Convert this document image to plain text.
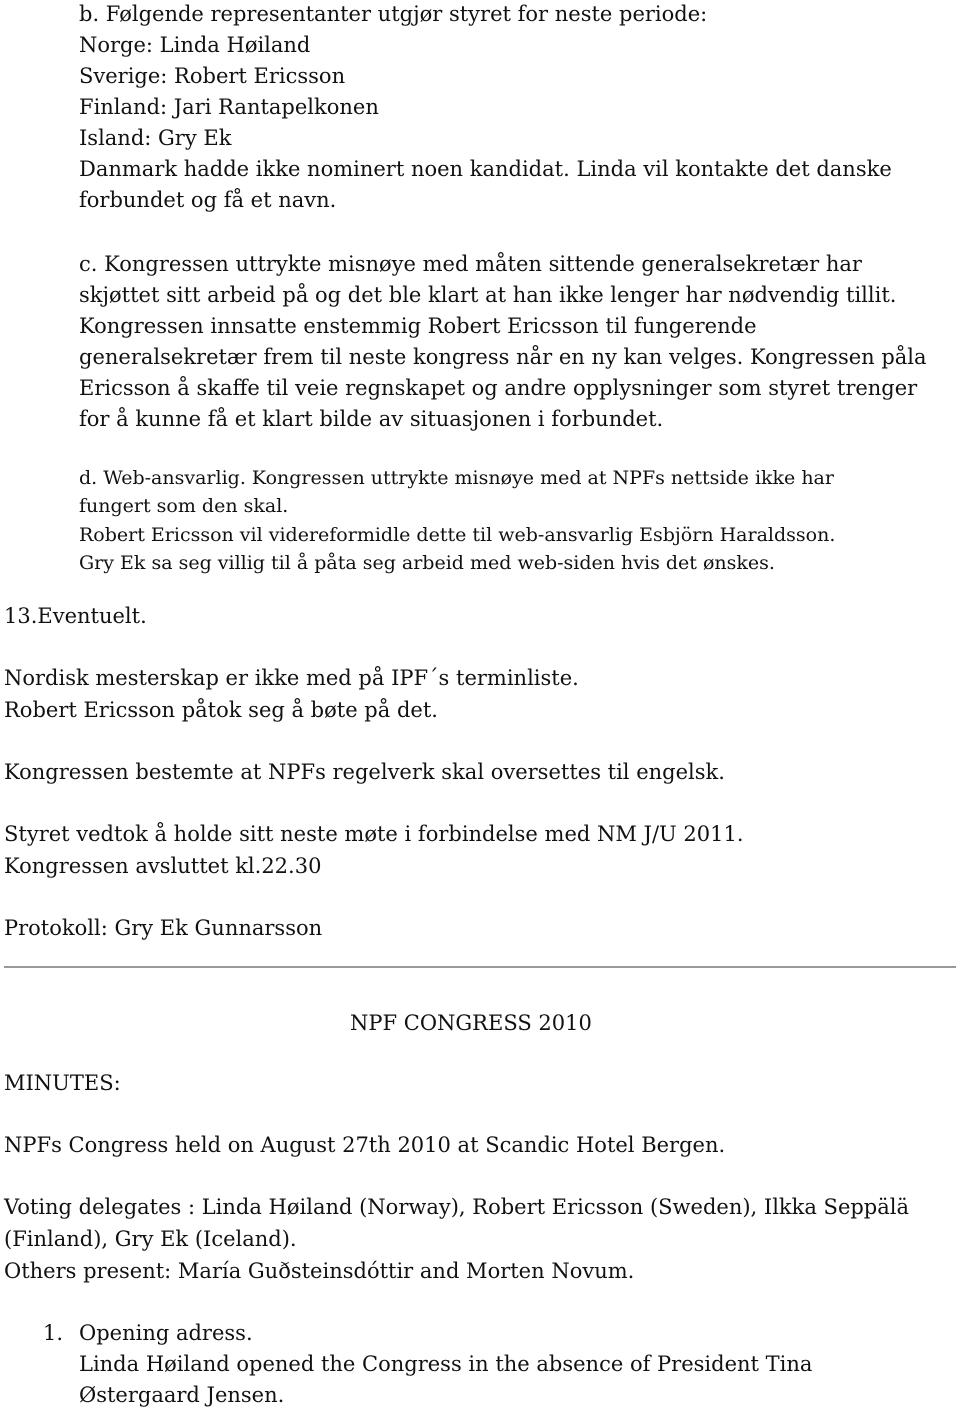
b. Følgende representanter utgjør styret for neste periode:
Norge: Linda Høiland
Sverige: Robert Ericsson
Finland: Jari Rantapelkonen
Island: Gry Ek
Danmark hadde ikke nominert noen kandidat. Linda vil kontakte det danske
forbundet og få et navn.
c. Kongressen uttrykte misnøye med måten sittende generalsekretær har
skjøttet sitt arbeid på og det ble klart at han ikke lenger har nødvendig tillit.
Kongressen innsatte enstemmig Robert Ericsson til fungerende
generalsekretær frem til neste kongress når en ny kan velges. Kongressen påla
Ericsson å skaffe til veie regnskapet og andre opplysninger som styret trenger
for å kunne få et klart bilde av situasjonen i forbundet.
d. Web-ansvarlig. Kongressen uttrykte misnøye med at NPFs nettside ikke har
fungert som den skal.
Robert Ericsson vil videreformidle dette til web-ansvarlig Esbjörn Haraldsson.
Gry Ek sa seg villig til å påta seg arbeid med web-siden hvis det ønskes.
13.Eventuelt.
Nordisk mesterskap er ikke med på IPF´s terminliste.
Robert Ericsson påtok seg å bøte på det.
Kongressen bestemte at NPFs regelverk skal oversettes til engelsk.
Styret vedtok å holde sitt neste møte i forbindelse med NM J/U 2011.
Kongressen avsluttet kl.22.30
Protokoll: Gry Ek Gunnarsson
NPF CONGRESS 2010
MINUTES:
NPFs Congress held on August 27th 2010 at Scandic Hotel Bergen.
Voting delegates : Linda Høiland (Norway), Robert Ericsson (Sweden), Ilkka Seppälä
(Finland), Gry Ek (Iceland).
Others present: María Guðsteinsdóttir and Morten Novum.
1. Opening adress.
Linda Høiland opened the Congress in the absence of President Tina
Østergaard Jensen.
